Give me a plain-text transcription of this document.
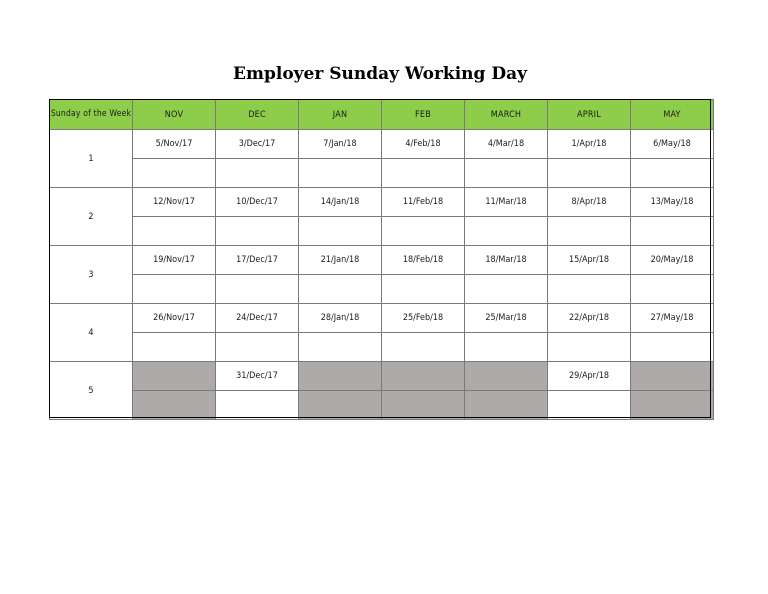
Employer Sunday Working Day
Sunday of the Week	NOV	DEC	JAN	FEB	MARCH	APRIL	MAY
1	5/Nov/17	3/Dec/17	7/Jan/18	4/Feb/18	4/Mar/18	1/Apr/18	6/May/18

2	12/Nov/17	10/Dec/17	14/Jan/18	11/Feb/18	11/Mar/18	8/Apr/18	13/May/18

3	19/Nov/17	17/Dec/17	21/Jan/18	18/Feb/18	18/Mar/18	15/Apr/18	20/May/18

4	26/Nov/17	24/Dec/17	28/Jan/18	25/Feb/18	25/Mar/18	22/Apr/18	27/May/18

5		31/Dec/17				29/Apr/18	
